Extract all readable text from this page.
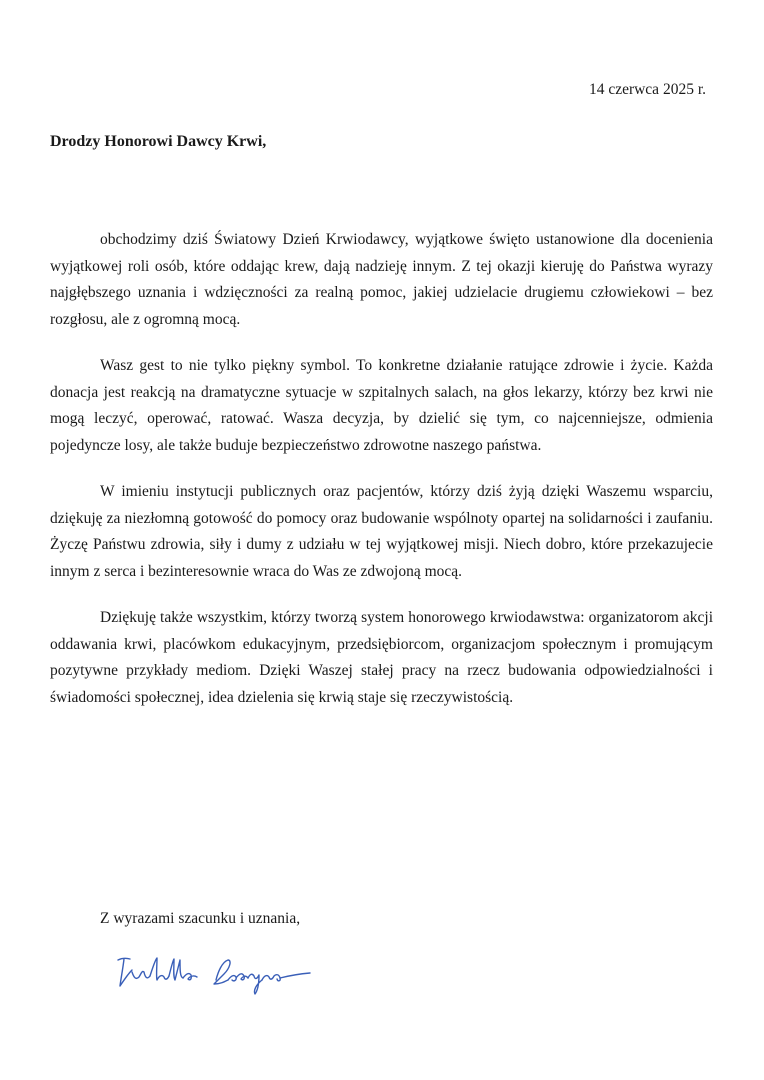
14 czerwca 2025 r.
Drodzy Honorowi Dawcy Krwi,

obchodzimy dziś Światowy Dzień Krwiodawcy, wyjątkowe święto ustanowione dla docenienia wyjątkowej roli osób, które oddając krew, dają nadzieję innym. Z tej okazji kieruję do Państwa wyrazy najgłębszego uznania i wdzięczności za realną pomoc, jakiej udzielacie drugiemu człowiekowi – bez rozgłosu, ale z ogromną mocą.

Wasz gest to nie tylko piękny symbol. To konkretne działanie ratujące zdrowie i życie. Każda donacja jest reakcją na dramatyczne sytuacje w szpitalnych salach, na głos lekarzy, którzy bez krwi nie mogą leczyć, operować, ratować. Wasza decyzja, by dzielić się tym, co najcenniejsze, odmienia pojedyncze losy, ale także buduje bezpieczeństwo zdrowotne naszego państwa.

W imieniu instytucji publicznych oraz pacjentów, którzy dziś żyją dzięki Waszemu wsparciu, dziękuję za niezłomną gotowość do pomocy oraz budowanie wspólnoty opartej na solidarności i zaufaniu. Życzę Państwu zdrowia, siły i dumy z udziału w tej wyjątkowej misji. Niech dobro, które przekazujecie innym z serca i bezinteresownie wraca do Was ze zdwojoną mocą.

Dziękuję także wszystkim, którzy tworzą system honorowego krwiodawstwa: organizatorom akcji oddawania krwi, placówkom edukacyjnym, przedsiębiorcom, organizacjom społecznym i promującym pozytywne przykłady mediom. Dzięki Waszej stałej pracy na rzecz budowania odpowiedzialności i świadomości społecznej, idea dzielenia się krwią staje się rzeczywistością.

Z wyrazami szacunku i uznania,
